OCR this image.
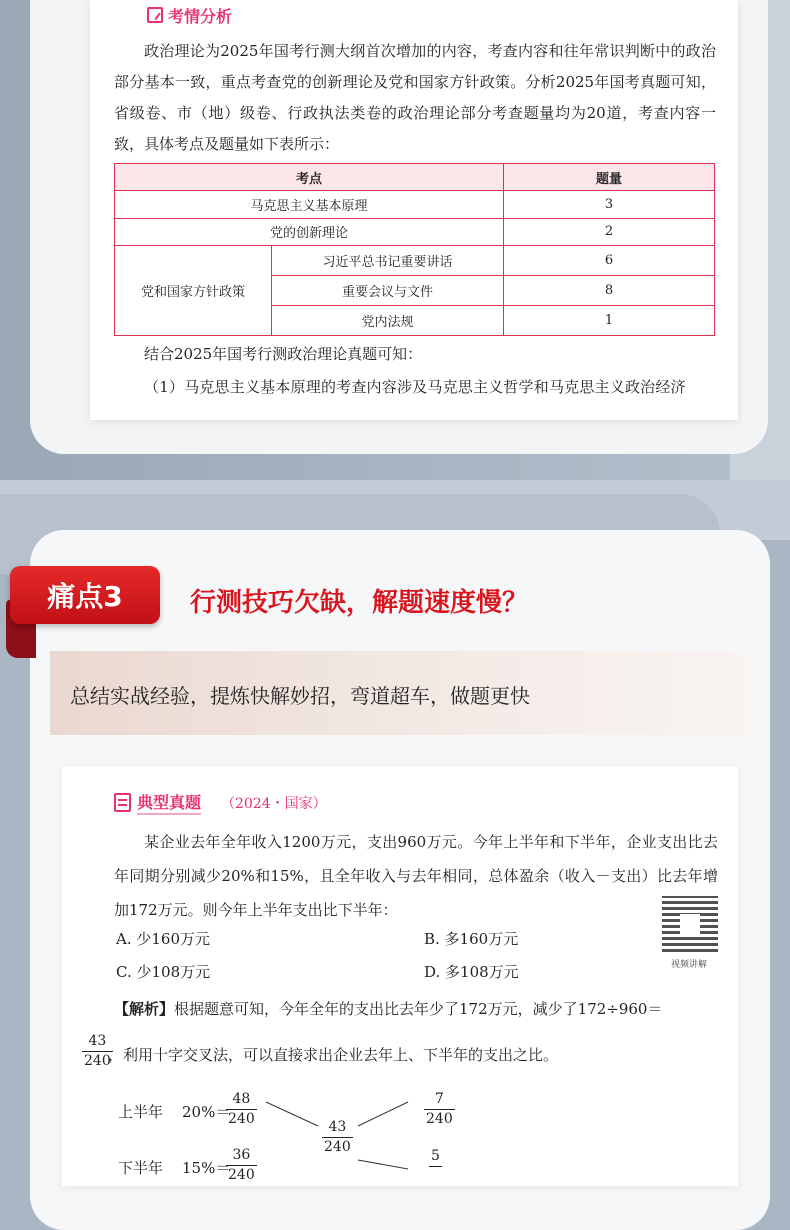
考情分析

政治理论为2025年国考行测大纲首次增加的内容，考查内容和往年常识判断中的政治部分基本一致，重点考查党的创新理论及党和国家方针政策。分析2025年国考真题可知，省级卷、市（地）级卷、行政执法类卷的政治理论部分考查题量均为20道，考查内容一致，具体考点及题量如下表所示：

考点		题量
马克思主义基本原理		3
党的创新理论		2
党和国家方针政策	习近平总书记重要讲话	6
	重要会议与文件	8
	党内法规	1
结合2025年国考行测政治理论真题可知：
（1）马克思主义基本原理的考查内容涉及马克思主义哲学和马克思主义政治经济
痛点3	行测技巧欠缺，解题速度慢？
总结实战经验，提炼快解妙招，弯道超车，做题更快
典型真题 （2024・国家）

某企业去年全年收入1200万元，支出960万元。今年上半年和下半年，企业支出比去年同期分别减少20%和15%，且全年收入与去年相同，总体盈余（收入－支出）比去年增加172万元。则今年上半年支出比下半年：

A. 少160万元	B. 多160万元
C. 少108万元	D. 多108万元	视频讲解
【解析】根据题意可知，今年全年的支出比去年少了172万元，减少了172÷960＝
$\frac{43}{240}$
，利用十字交叉法，可以直接求出企业去年上、下半年的支出之比。
上半年 20%＝
$\frac{48}{240}$
下半年 15%＝
$\frac{36}{240}$
$\frac{43}{240}$
$\frac{7}{240}$
5
